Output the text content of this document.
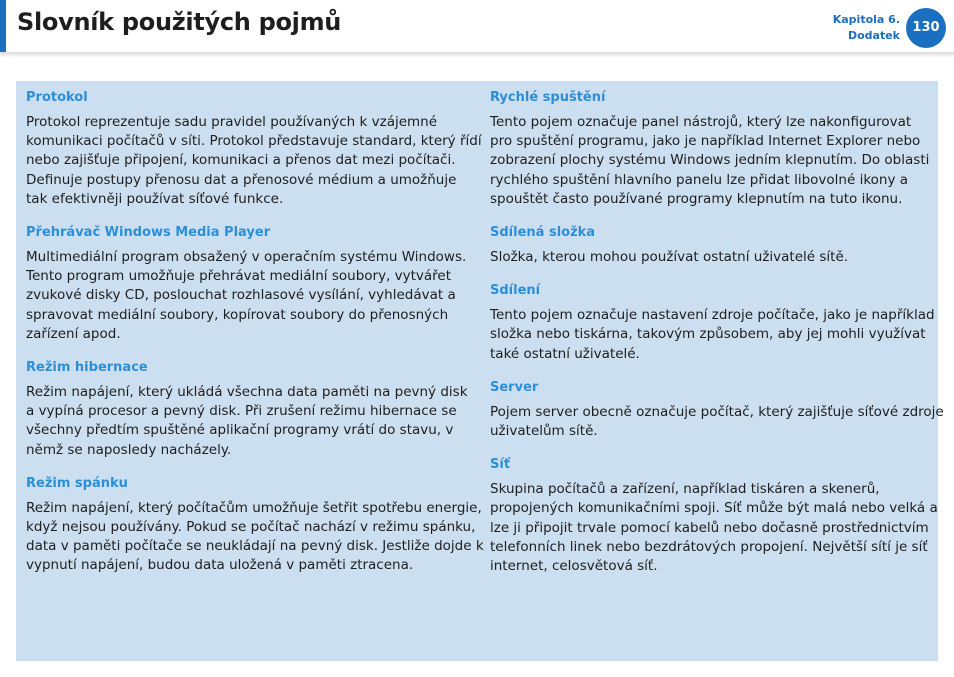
Slovník použitých pojmů	Kapitola 6.
Dodatek
130
Protokol

Protokol reprezentuje sadu pravidel používaných k vzájemné
komunikaci počítačů v síti. Protokol představuje standard, který řídí
nebo zajišťuje připojení, komunikaci a přenos dat mezi počítači.
Definuje postupy přenosu dat a přenosové médium a umožňuje
tak efektivněji používat síťové funkce.

Přehrávač Windows Media Player

Multimediální program obsažený v operačním systému Windows.
Tento program umožňuje přehrávat mediální soubory, vytvářet
zvukové disky CD, poslouchat rozhlasové vysílání, vyhledávat a
spravovat mediální soubory, kopírovat soubory do přenosných
zařízení apod.

Režim hibernace

Režim napájení, který ukládá všechna data paměti na pevný disk
a vypíná procesor a pevný disk. Při zrušení režimu hibernace se
všechny předtím spuštěné aplikační programy vrátí do stavu, v
němž se naposledy nacházely.

Režim spánku

Režim napájení, který počítačům umožňuje šetřit spotřebu energie,
když nejsou používány. Pokud se počítač nachází v režimu spánku,
data v paměti počítače se neukládají na pevný disk. Jestliže dojde k
vypnutí napájení, budou data uložená v paměti ztracena.

Rychlé spuštění

Tento pojem označuje panel nástrojů, který lze nakonfigurovat
pro spuštění programu, jako je například Internet Explorer nebo
zobrazení plochy systému Windows jedním klepnutím. Do oblasti
rychlého spuštění hlavního panelu lze přidat libovolné ikony a
spouštět často používané programy klepnutím na tuto ikonu.

Sdílená složka

Složka, kterou mohou používat ostatní uživatelé sítě.

Sdílení

Tento pojem označuje nastavení zdroje počítače, jako je například
složka nebo tiskárna, takovým způsobem, aby jej mohli využívat
také ostatní uživatelé.

Server

Pojem server obecně označuje počítač, který zajišťuje síťové zdroje
uživatelům sítě.

Síť

Skupina počítačů a zařízení, například tiskáren a skenerů,
propojených komunikačními spoji. Síť může být malá nebo velká a
lze ji připojit trvale pomocí kabelů nebo dočasně prostřednictvím
telefonních linek nebo bezdrátových propojení. Největší sítí je síť
internet, celosvětová síť.
